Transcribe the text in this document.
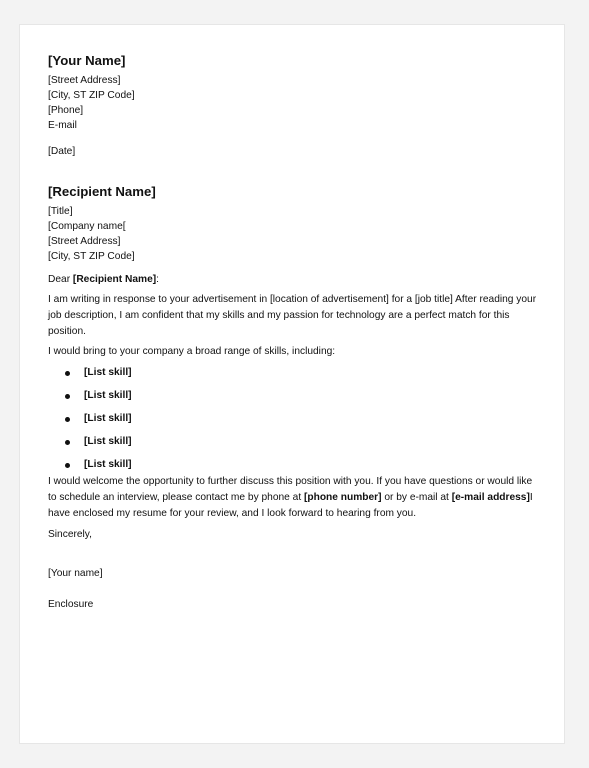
[Your Name]
[Street Address]
[City, ST ZIP Code]
[Phone]
E-mail
[Date]
[Recipient Name]
[Title]
[Company name[
[Street Address]
[City, ST ZIP Code]

Dear [Recipient Name]:

I am writing in response to your advertisement in [location of advertisement] for a [job title] After reading your job description, I am confident that my skills and my passion for technology are a perfect match for this position.

I would bring to your company a broad range of skills, including:

[List skill]
[List skill]
[List skill]
[List skill]
[List skill]

I would welcome the opportunity to further discuss this position with you. If you have questions or would like to schedule an interview, please contact me by phone at [phone number] or by e-mail at [e-mail address]I have enclosed my resume for your review, and I look forward to hearing from you.

Sincerely,

[Your name]

Enclosure
